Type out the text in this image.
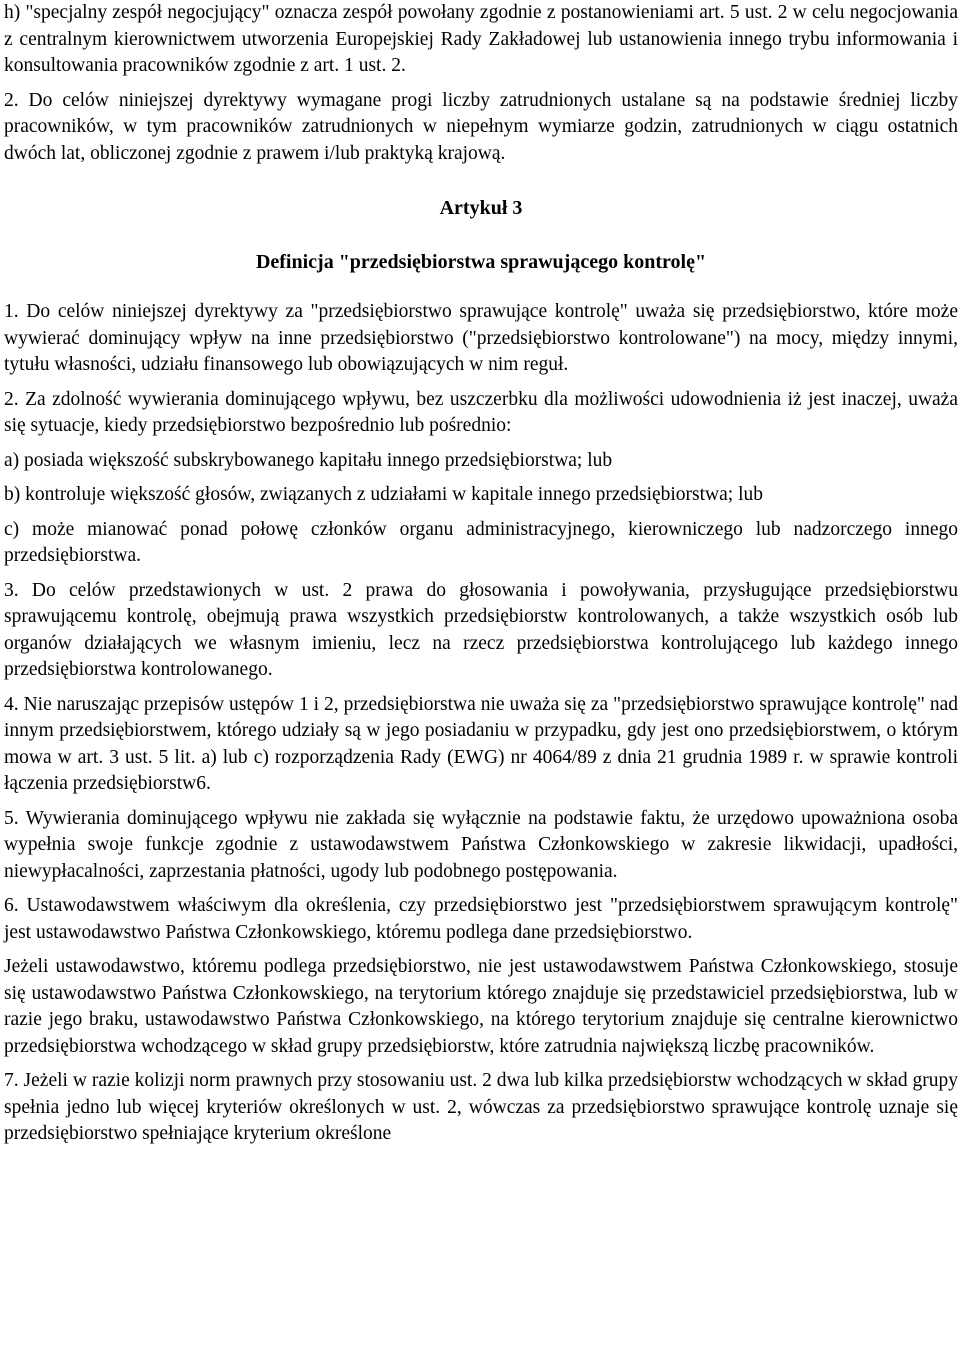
h) "specjalny zespół negocjujący" oznacza zespół powołany zgodnie z postanowieniami art. 5 ust. 2 w celu negocjowania z centralnym kierownictwem utworzenia Europejskiej Rady Zakładowej lub ustanowienia innego trybu informowania i konsultowania pracowników zgodnie z art. 1 ust. 2.

2. Do celów niniejszej dyrektywy wymagane progi liczby zatrudnionych ustalane są na podstawie średniej liczby pracowników, w tym pracowników zatrudnionych w niepełnym wymiarze godzin, zatrudnionych w ciągu ostatnich dwóch lat, obliczonej zgodnie z prawem i/lub praktyką krajową.

Artykuł 3

Definicja "przedsiębiorstwa sprawującego kontrolę"

1. Do celów niniejszej dyrektywy za "przedsiębiorstwo sprawujące kontrolę" uważa się przedsiębiorstwo, które może wywierać dominujący wpływ na inne przedsiębiorstwo ("przedsiębiorstwo kontrolowane") na mocy, między innymi, tytułu własności, udziału finansowego lub obowiązujących w nim reguł.

2. Za zdolność wywierania dominującego wpływu, bez uszczerbku dla możliwości udowodnienia iż jest inaczej, uważa się sytuacje, kiedy przedsiębiorstwo bezpośrednio lub pośrednio:

a) posiada większość subskrybowanego kapitału innego przedsiębiorstwa; lub

b) kontroluje większość głosów, związanych z udziałami w kapitale innego przedsiębiorstwa; lub

c) może mianować ponad połowę członków organu administracyjnego, kierowniczego lub nadzorczego innego przedsiębiorstwa.

3. Do celów przedstawionych w ust. 2 prawa do głosowania i powoływania, przysługujące przedsiębiorstwu sprawującemu kontrolę, obejmują prawa wszystkich przedsiębiorstw kontrolowanych, a także wszystkich osób lub organów działających we własnym imieniu, lecz na rzecz przedsiębiorstwa kontrolującego lub każdego innego przedsiębiorstwa kontrolowanego.

4. Nie naruszając przepisów ustępów 1 i 2, przedsiębiorstwa nie uważa się za "przedsiębiorstwo sprawujące kontrolę" nad innym przedsiębiorstwem, którego udziały są w jego posiadaniu w przypadku, gdy jest ono przedsiębiorstwem, o którym mowa w art. 3 ust. 5 lit. a) lub c) rozporządzenia Rady (EWG) nr 4064/89 z dnia 21 grudnia 1989 r. w sprawie kontroli łączenia przedsiębiorstw6.

5. Wywierania dominującego wpływu nie zakłada się wyłącznie na podstawie faktu, że urzędowo upoważniona osoba wypełnia swoje funkcje zgodnie z ustawodawstwem Państwa Członkowskiego w zakresie likwidacji, upadłości, niewypłacalności, zaprzestania płatności, ugody lub podobnego postępowania.

6. Ustawodawstwem właściwym dla określenia, czy przedsiębiorstwo jest "przedsiębiorstwem sprawującym kontrolę" jest ustawodawstwo Państwa Członkowskiego, któremu podlega dane przedsiębiorstwo.

Jeżeli ustawodawstwo, któremu podlega przedsiębiorstwo, nie jest ustawodawstwem Państwa Członkowskiego, stosuje się ustawodawstwo Państwa Członkowskiego, na terytorium którego znajduje się przedstawiciel przedsiębiorstwa, lub w razie jego braku, ustawodawstwo Państwa Członkowskiego, na którego terytorium znajduje się centralne kierownictwo przedsiębiorstwa wchodzącego w skład grupy przedsiębiorstw, które zatrudnia największą liczbę pracowników.

7. Jeżeli w razie kolizji norm prawnych przy stosowaniu ust. 2 dwa lub kilka przedsiębiorstw wchodzących w skład grupy spełnia jedno lub więcej kryteriów określonych w ust. 2, wówczas za przedsiębiorstwo sprawujące kontrolę uznaje się przedsiębiorstwo spełniające kryterium określone
